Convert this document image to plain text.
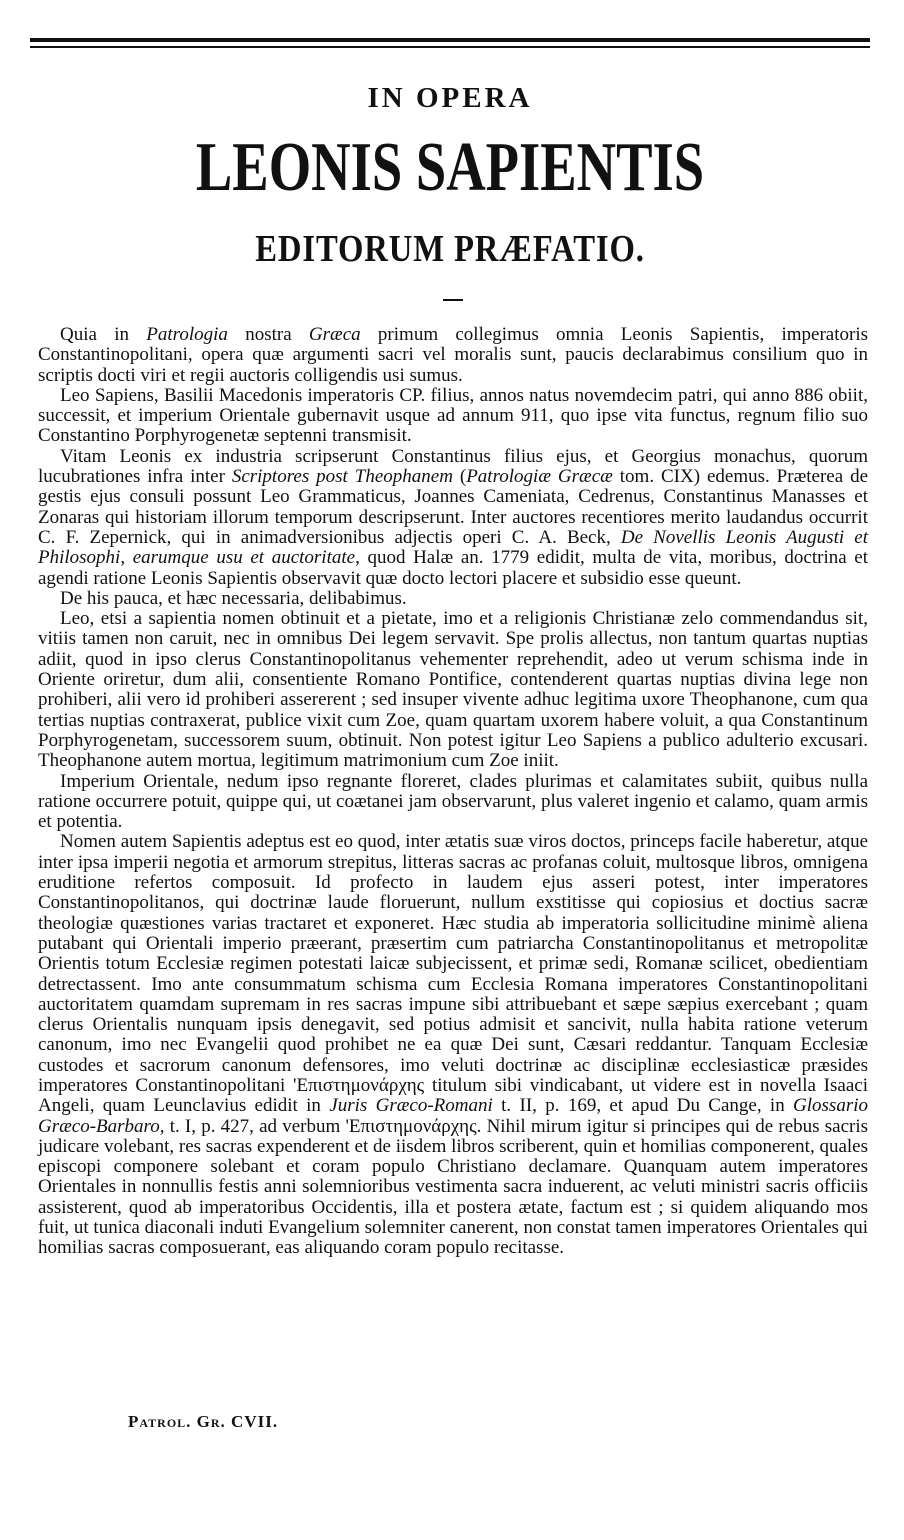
IN OPERA
LEONIS SAPIENTIS
EDITORUM PRÆFATIO.

Quia in Patrologia nostra Græca primum collegimus omnia Leonis Sapientis, imperatoris Constantinopolitani, opera quæ argumenti sacri vel moralis sunt, paucis declarabimus consilium quo in scriptis docti viri et regii auctoris colligendis usi sumus.

Leo Sapiens, Basilii Macedonis imperatoris CP. filius, annos natus novemdecim patri, qui anno 886 obiit, successit, et imperium Orientale gubernavit usque ad annum 911, quo ipse vita functus, regnum filio suo Constantino Porphyrogenetæ septenni transmisit.

Vitam Leonis ex industria scripserunt Constantinus filius ejus, et Georgius monachus, quorum lucubrationes infra inter Scriptores post Theophanem (Patrologiæ Græcæ tom. CIX) edemus. Præterea de gestis ejus consuli possunt Leo Grammaticus, Joannes Cameniata, Cedrenus, Constantinus Manasses et Zonaras qui historiam illorum temporum descripserunt. Inter auctores recentiores merito laudandus occurrit C. F. Zepernick, qui in animadversionibus adjectis operi C. A. Beck, De Novellis Leonis Augusti et Philosophi, earumque usu et auctoritate, quod Halæ an. 1779 edidit, multa de vita, moribus, doctrina et agendi ratione Leonis Sapientis observavit quæ docto lectori placere et subsidio esse queunt.

De his pauca, et hæc necessaria, delibabimus.

Leo, etsi a sapientia nomen obtinuit et a pietate, imo et a religionis Christianæ zelo commendandus sit, vitiis tamen non caruit, nec in omnibus Dei legem servavit. Spe prolis allectus, non tantum quartas nuptias adiit, quod in ipso clerus Constantinopolitanus vehementer reprehendit, adeo ut verum schisma inde in Oriente oriretur, dum alii, consentiente Romano Pontifice, contenderent quartas nuptias divina lege non prohiberi, alii vero id prohiberi assererent ; sed insuper vivente adhuc legitima uxore Theophanone, cum qua tertias nuptias contraxerat, publice vixit cum Zoe, quam quartam uxorem habere voluit, a qua Constantinum Porphyrogenetam, successorem suum, obtinuit. Non potest igitur Leo Sapiens a publico adulterio excusari. Theophanone autem mortua, legitimum matrimonium cum Zoe iniit.

Imperium Orientale, nedum ipso regnante floreret, clades plurimas et calamitates subiit, quibus nulla ratione occurrere potuit, quippe qui, ut coætanei jam observarunt, plus valeret ingenio et calamo, quam armis et potentia.

Nomen autem Sapientis adeptus est eo quod, inter ætatis suæ viros doctos, princeps facile haberetur, atque inter ipsa imperii negotia et armorum strepitus, litteras sacras ac profanas coluit, multosque libros, omnigena eruditione refertos composuit. Id profecto in laudem ejus asseri potest, inter imperatores Constantinopolitanos, qui doctrinæ laude floruerunt, nullum exstitisse qui copiosius et doctius sacræ theologiæ quæstiones varias tractaret et exponeret. Hæc studia ab imperatoria sollicitudine minimè aliena putabant qui Orientali imperio præerant, præsertim cum patriarcha Constantinopolitanus et metropolitæ Orientis totum Ecclesiæ regimen potestati laicæ subjecissent, et primæ sedi, Romanæ scilicet, obedientiam detrectassent. Imo ante consummatum schisma cum Ecclesia Romana imperatores Constantinopolitani auctoritatem quamdam supremam in res sacras impune sibi attribuebant et sæpe sæpius exercebant ; quam clerus Orientalis nunquam ipsis denegavit, sed potius admisit et sancivit, nulla habita ratione veterum canonum, imo nec Evangelii quod prohibet ne ea quæ Dei sunt, Cæsari reddantur. Tanquam Ecclesiæ custodes et sacrorum canonum defensores, imo veluti doctrinæ ac disciplinæ ecclesiasticæ præsides imperatores Constantinopolitani 'Επιστημονάρχης titulum sibi vindicabant, ut videre est in novella Isaaci Angeli, quam Leunclavius edidit in Juris Græco-Romani t. II, p. 169, et apud Du Cange, in Glossario Græco-Barbaro, t. I, p. 427, ad verbum 'Επιστημονάρχης. Nihil mirum igitur si principes qui de rebus sacris judicare volebant, res sacras expenderent et de iisdem libros scriberent, quin et homilias componerent, quales episcopi componere solebant et coram populo Christiano declamare. Quanquam autem imperatores Orientales in nonnullis festis anni solemnioribus vestimenta sacra induerent, ac veluti ministri sacris officiis assisterent, quod ab imperatoribus Occidentis, illa et postera ætate, factum est ; si quidem aliquando mos fuit, ut tunica diaconali induti Evangelium solemniter canerent, non constat tamen imperatores Orientales qui homilias sacras composuerant, eas aliquando coram populo recitasse.

Patrol. Gr. CVII.
